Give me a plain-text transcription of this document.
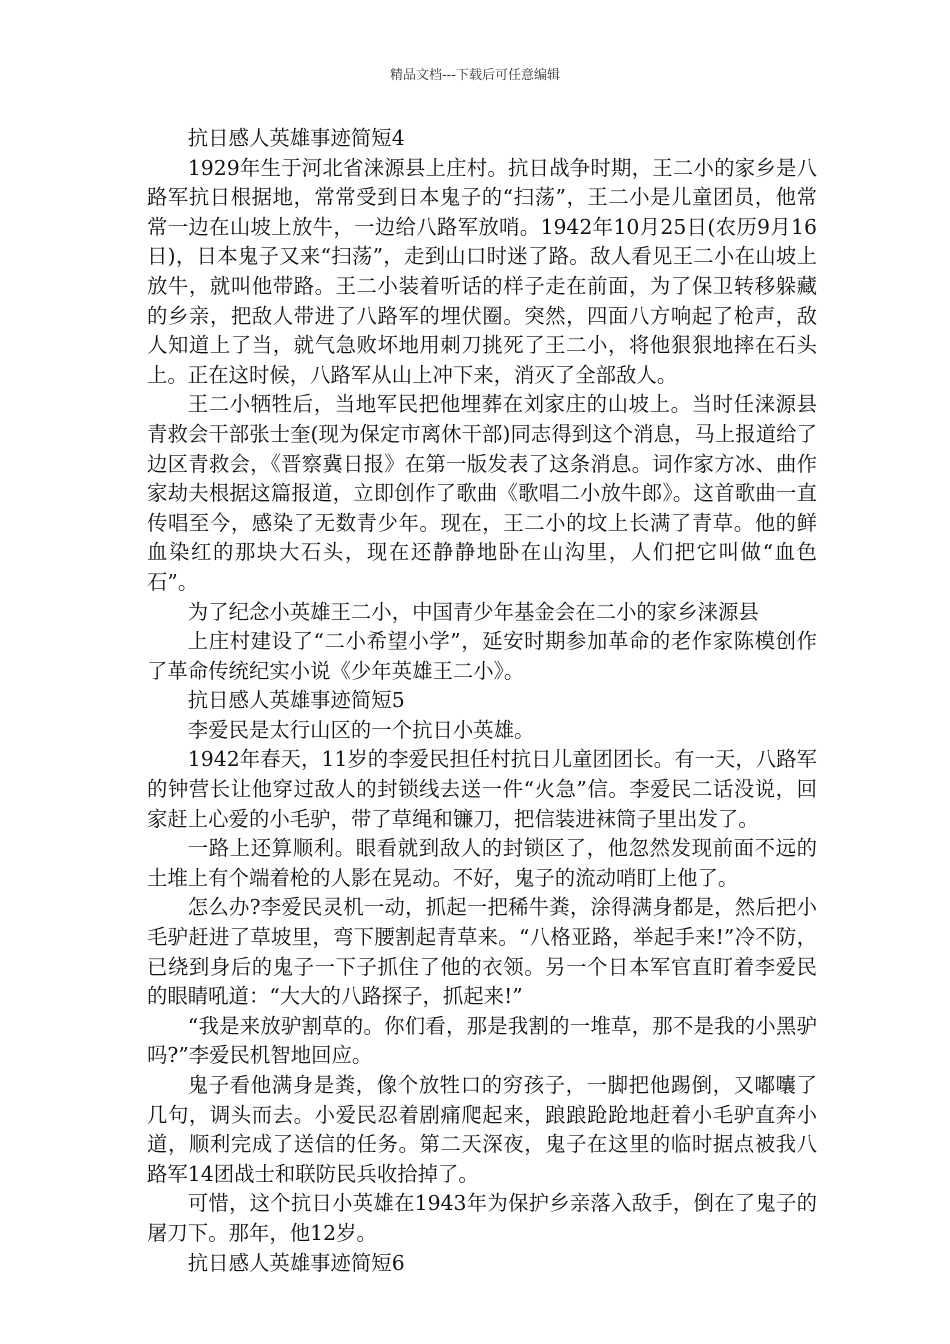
精品文档---下载后可任意编辑

抗日感人英雄事迹简短4

1929年生于河北省涞源县上庄村。抗日战争时期，王二小的家乡是八路军抗日根据地，常常受到日本鬼子的“扫荡”，王二小是儿童团员，他常常一边在山坡上放牛，一边给八路军放哨。1942年10月25日(农历9月16日)，日本鬼子又来“扫荡”，走到山口时迷了路。敌人看见王二小在山坡上放牛，就叫他带路。王二小装着听话的样子走在前面，为了保卫转移躲藏的乡亲，把敌人带进了八路军的埋伏圈。突然，四面八方响起了枪声，敌人知道上了当，就气急败坏地用刺刀挑死了王二小，将他狠狠地摔在石头上。正在这时候，八路军从山上冲下来，消灭了全部敌人。

王二小牺牲后，当地军民把他埋葬在刘家庄的山坡上。当时任涞源县青救会干部张士奎(现为保定市离休干部)同志得到这个消息，马上报道给了边区青救会，《晋察冀日报》在第一版发表了这条消息。词作家方冰、曲作家劫夫根据这篇报道，立即创作了歌曲《歌唱二小放牛郎》。这首歌曲一直传唱至今，感染了无数青少年。现在，王二小的坟上长满了青草。他的鲜血染红的那块大石头，现在还静静地卧在山沟里，人们把它叫做“血色石”。

为了纪念小英雄王二小，中国青少年基金会在二小的家乡涞源县

上庄村建设了“二小希望小学”，延安时期参加革命的老作家陈模创作了革命传统纪实小说《少年英雄王二小》。

抗日感人英雄事迹简短5

李爱民是太行山区的一个抗日小英雄。

1942年春天，11岁的李爱民担任村抗日儿童团团长。有一天，八路军的钟营长让他穿过敌人的封锁线去送一件“火急”信。李爱民二话没说，回家赶上心爱的小毛驴，带了草绳和镰刀，把信装进袜筒子里出发了。

一路上还算顺利。眼看就到敌人的封锁区了，他忽然发现前面不远的土堆上有个端着枪的人影在晃动。不好，鬼子的流动哨盯上他了。

怎么办?李爱民灵机一动，抓起一把稀牛粪，涂得满身都是，然后把小毛驴赶进了草坡里，弯下腰割起青草来。“八格亚路，举起手来!”冷不防，已绕到身后的鬼子一下子抓住了他的衣领。另一个日本军官直盯着李爱民的眼睛吼道：“大大的八路探子，抓起来!”

“我是来放驴割草的。你们看，那是我割的一堆草，那不是我的小黑驴吗?”李爱民机智地回应。

鬼子看他满身是粪，像个放牲口的穷孩子，一脚把他踢倒，又嘟囔了几句，调头而去。小爱民忍着剧痛爬起来，踉踉跄跄地赶着小毛驴直奔小道，顺利完成了送信的任务。第二天深夜，鬼子在这里的临时据点被我八路军14团战士和联防民兵收拾掉了。

可惜，这个抗日小英雄在1943年为保护乡亲落入敌手，倒在了鬼子的屠刀下。那年，他12岁。

抗日感人英雄事迹简短6
